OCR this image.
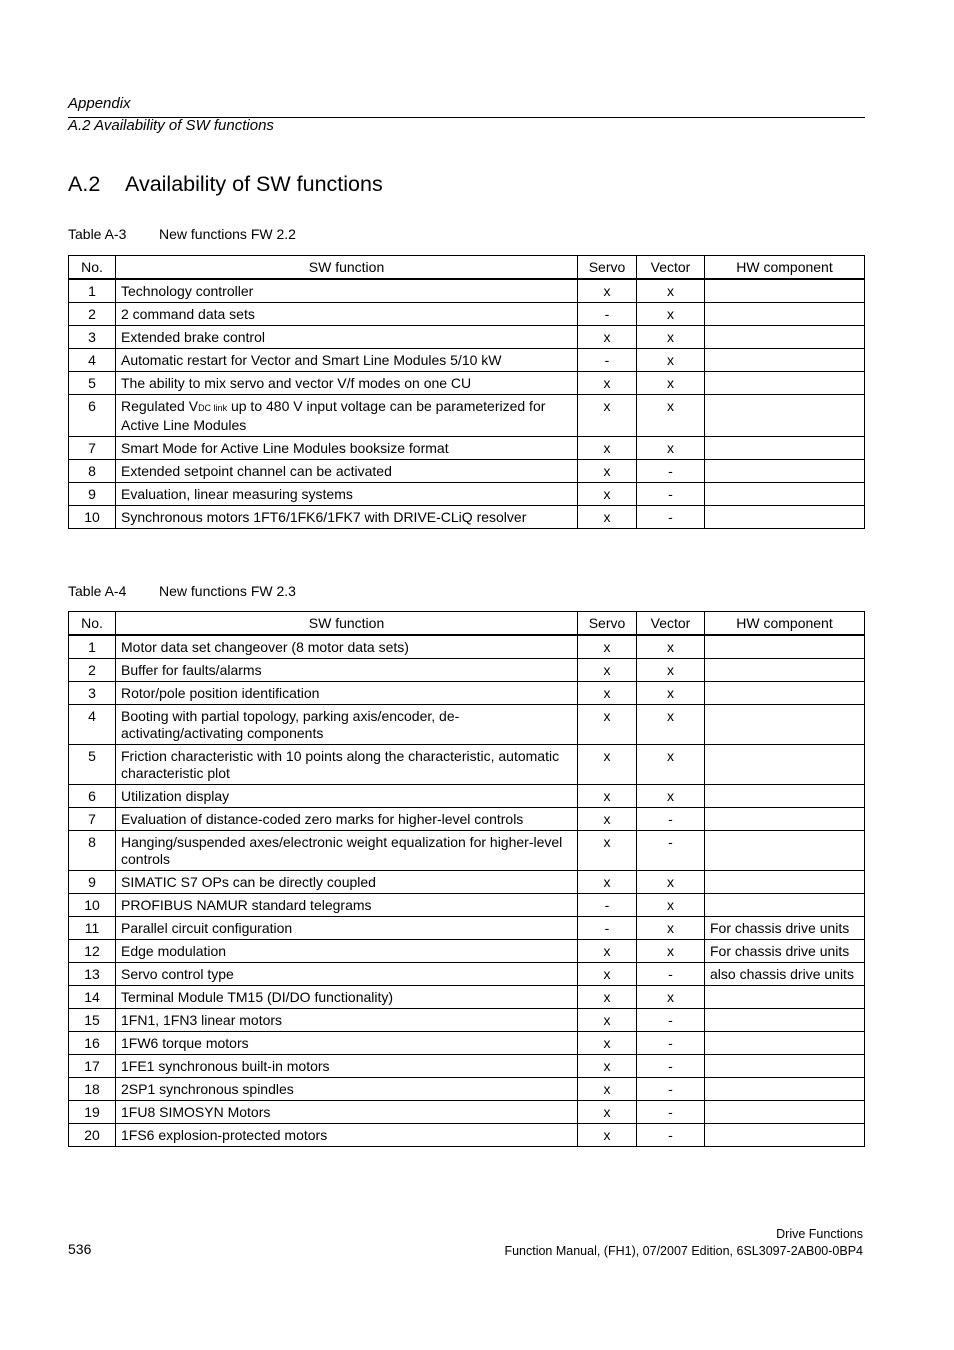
Appendix
A.2 Availability of SW functions
A.2 Availability of SW functions
Table A-3 New functions FW 2.2
No.	SW function	Servo	Vector	HW component
1	Technology controller	x	x	
2	2 command data sets	-	x	
3	Extended brake control	x	x	
4	Automatic restart for Vector and Smart Line Modules 5/10 kW	-	x	
5	The ability to mix servo and vector V/f modes on one CU	x	x	
6	Regulated VDC link up to 480 V input voltage can be parameterized for Active Line Modules	x	x	
7	Smart Mode for Active Line Modules booksize format	x	x	
8	Extended setpoint channel can be activated	x	-	
9	Evaluation, linear measuring systems	x	-	
10	Synchronous motors 1FT6/1FK6/1FK7 with DRIVE-CLiQ resolver	x	-	
Table A-4 New functions FW 2.3
No.	SW function	Servo	Vector	HW component
1	Motor data set changeover (8 motor data sets)	x	x	
2	Buffer for faults/alarms	x	x	
3	Rotor/pole position identification	x	x	
4	Booting with partial topology, parking axis/encoder, de-activating/activating components	x	x	
5	Friction characteristic with 10 points along the characteristic, automatic characteristic plot	x	x	
6	Utilization display	x	x	
7	Evaluation of distance-coded zero marks for higher-level controls	x	-	
8	Hanging/suspended axes/electronic weight equalization for higher-level controls	x	-	
9	SIMATIC S7 OPs can be directly coupled	x	x	
10	PROFIBUS NAMUR standard telegrams	-	x	
11	Parallel circuit configuration	-	x	For chassis drive units
12	Edge modulation	x	x	For chassis drive units
13	Servo control type	x	-	also chassis drive units
14	Terminal Module TM15 (DI/DO functionality)	x	x	
15	1FN1, 1FN3 linear motors	x	-	
16	1FW6 torque motors	x	-	
17	1FE1 synchronous built-in motors	x	-	
18	2SP1 synchronous spindles	x	-	
19	1FU8 SIMOSYN Motors	x	-	
20	1FS6 explosion-protected motors	x	-	
536
Drive Functions
Function Manual, (FH1), 07/2007 Edition, 6SL3097-2AB00-0BP4
